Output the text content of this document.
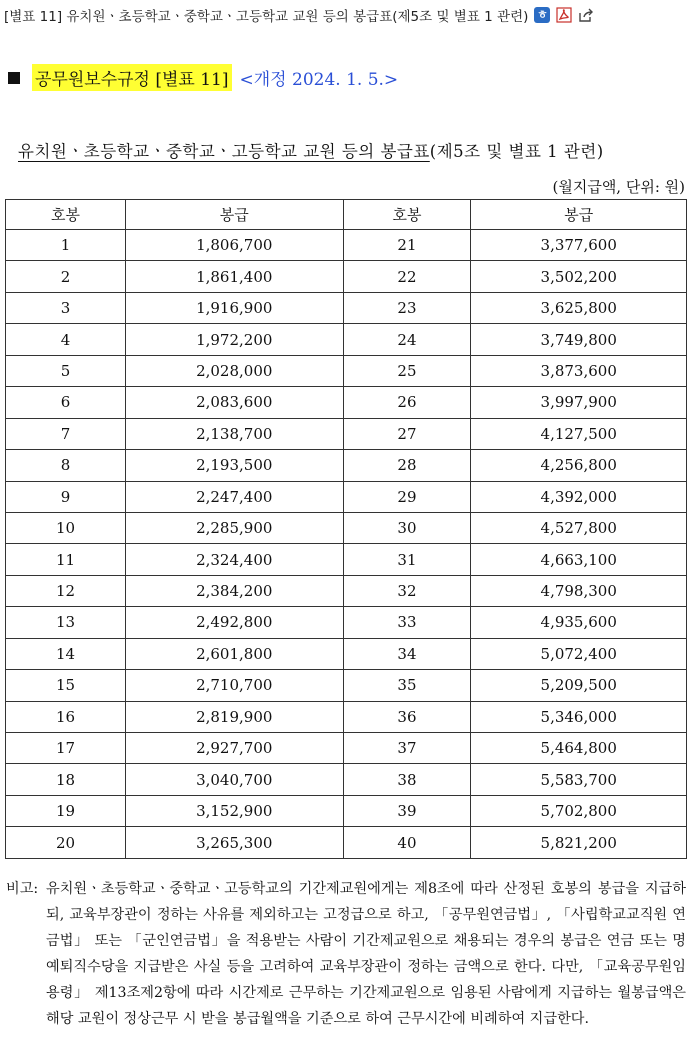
[별표 11] 유치원ㆍ초등학교ㆍ중학교ㆍ고등학교 교원 등의 봉급표(제5조 및 별표 1 관련) ㅎ
공무원보수규정 [별표 11] <개정 2024. 1. 5.>
유치원ㆍ초등학교ㆍ중학교ㆍ고등학교 교원 등의 봉급표(제5조 및 별표 1 관련)
(월지급액, 단위: 원)
호봉	봉급	호봉	봉급
1	1,806,700	21	3,377,600
2	1,861,400	22	3,502,200
3	1,916,900	23	3,625,800
4	1,972,200	24	3,749,800
5	2,028,000	25	3,873,600
6	2,083,600	26	3,997,900
7	2,138,700	27	4,127,500
8	2,193,500	28	4,256,800
9	2,247,400	29	4,392,000
10	2,285,900	30	4,527,800
11	2,324,400	31	4,663,100
12	2,384,200	32	4,798,300
13	2,492,800	33	4,935,600
14	2,601,800	34	5,072,400
15	2,710,700	35	5,209,500
16	2,819,900	36	5,346,000
17	2,927,700	37	5,464,800
18	3,040,700	38	5,583,700
19	3,152,900	39	5,702,800
20	3,265,300	40	5,821,200
비고: 유치원ㆍ초등학교ㆍ중학교ㆍ고등학교의 기간제교원에게는 제8조에 따라 산정된 호봉의 봉급을 지급하되, 교육부장관이 정하는 사유를 제외하고는 고정급으로 하고, 「공무원연금법」, 「사립학교교직원 연금법」 또는 「군인연금법」을 적용받는 사람이 기간제교원으로 채용되는 경우의 봉급은 연금 또는 명예퇴직수당을 지급받은 사실 등을 고려하여 교육부장관이 정하는 금액으로 한다. 다만, 「교육공무원임용령」 제13조제2항에 따라 시간제로 근무하는 기간제교원으로 임용된 사람에게 지급하는 월봉급액은 해당 교원이 정상근무 시 받을 봉급월액을 기준으로 하여 근무시간에 비례하여 지급한다.
